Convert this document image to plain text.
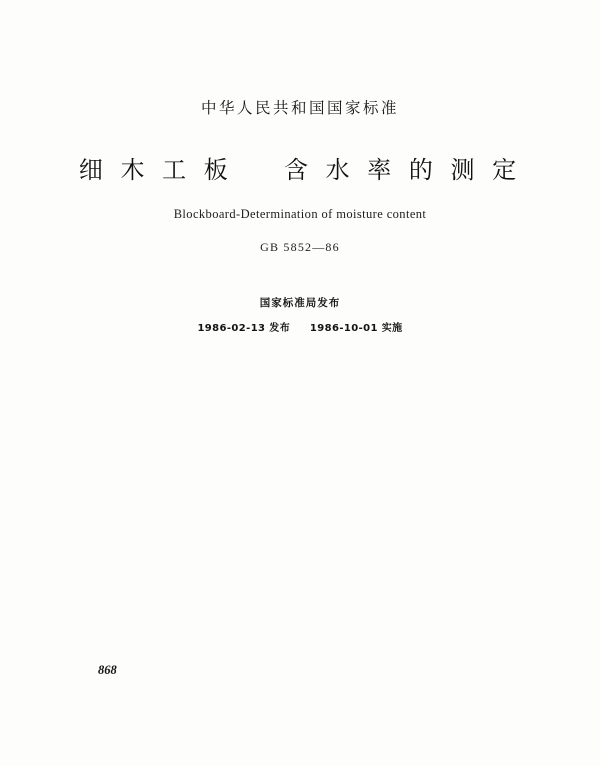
中华人民共和国国家标准
细 木 工 板 含 水 率 的 测 定
Blockboard-Determination of moisture content
GB 5852—86
国家标准局发布
1986-02-13 发布 1986-10-01 实施
868
